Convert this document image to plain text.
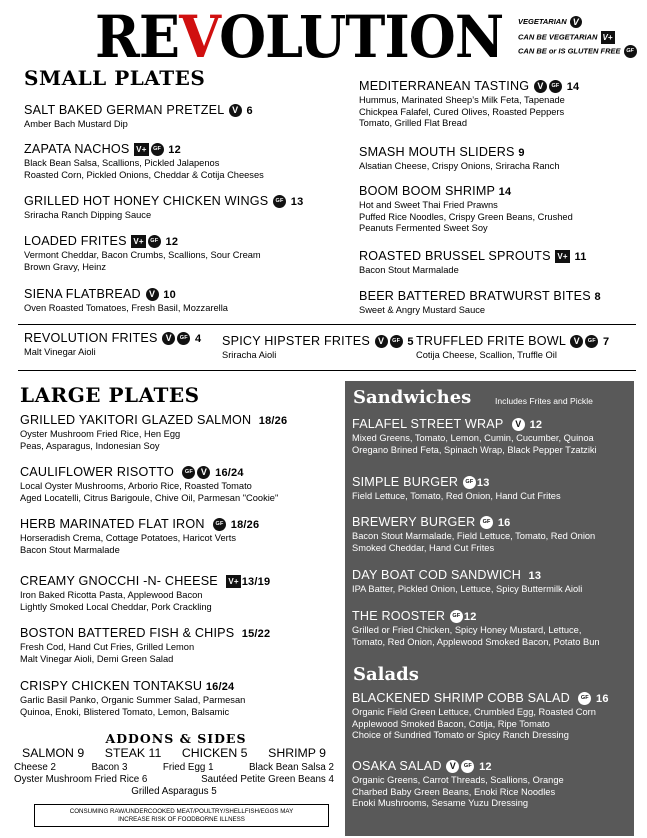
REVOLUTION VEGETARIAN V
CAN BE VEGETARIAN V+
CAN BE or IS GLUTEN FREE GF
SMALL PLATES
SALT BAKED GERMAN PRETZEL V 6
Amber Bach Mustard Dip
ZAPATA NACHOS V+ GF 12
Black Bean Salsa, Scallions, Pickled Jalapenos
Roasted Corn, Pickled Onions, Cheddar & Cotija Cheeses
GRILLED HOT HONEY CHICKEN WINGS GF 13
Sriracha Ranch Dipping Sauce
LOADED FRITES V+ GF 12
Vermont Cheddar, Bacon Crumbs, Scallions, Sour Cream
Brown Gravy, Heinz
SIENA FLATBREAD V 10
Oven Roasted Tomatoes, Fresh Basil, Mozzarella
MEDITERRANEAN TASTING V GF 14
Hummus, Marinated Sheep’s Milk Feta, Tapenade
Chickpea Falafel, Cured Olives, Roasted Peppers
Tomato, Grilled Flat Bread
SMASH MOUTH SLIDERS 9
Alsatian Cheese, Crispy Onions, Sriracha Ranch
BOOM BOOM SHRIMP 14
Hot and Sweet Thai Fried Prawns
Puffed Rice Noodles, Crispy Green Beans, Crushed
Peanuts Fermented Sweet Soy
ROASTED BRUSSEL SPROUTS V+ 11
Bacon Stout Marmalade
BEER BATTERED BRATWURST BITES 8
Sweet & Angry Mustard Sauce
REVOLUTION FRITES V GF 4
Malt Vinegar Aioli
SPICY HIPSTER FRITES V GF 5
Sriracha Aioli
TRUFFLED FRITE BOWL V GF 7
Cotija Cheese, Scallion, Truffle Oil
LARGE PLATES
GRILLED YAKITORI GLAZED SALMON 18/26
Oyster Mushroom Fried Rice, Hen Egg
Peas, Asparagus, Indonesian Soy
CAULIFLOWER RISOTTO GF V 16/24
Local Oyster Mushrooms, Arborio Rice, Roasted Tomato
Aged Locatelli, Citrus Barigoule, Chive Oil, Parmesan "Cookie"
HERB MARINATED FLAT IRON GF 18/26
Horseradish Crema, Cottage Potatoes, Haricot Verts
Bacon Stout Marmalade
CREAMY GNOCCHI -N- CHEESE V+ 13/19
Iron Baked Ricotta Pasta, Applewood Bacon
Lightly Smoked Local Cheddar, Pork Crackling
BOSTON BATTERED FISH & CHIPS 15/22
Fresh Cod, Hand Cut Fries, Grilled Lemon
Malt Vinegar Aioli, Demi Green Salad
CRISPY CHICKEN TONTAKSU 16/24
Garlic Basil Panko, Organic Summer Salad, Parmesan
Quinoa, Enoki, Blistered Tomato, Lemon, Balsamic
ADDONS & SIDES
SALMON 9 STEAK 11 CHICKEN 5 SHRIMP 9
Cheese 2	Bacon 3	Fried Egg 1	Black Bean Salsa 2
Oyster Mushroom Fried Rice 6	Sautéed Petite Green Beans 4
Grilled Asparagus 5
CONSUMING RAW/UNDERCOOKED MEAT/POULTRY/SHELLFISH/EGGS MAY
INCREASE RISK OF FOODBORNE ILLNESS
Sandwiches	Includes Frites and Pickle
FALAFEL STREET WRAP V 12
Mixed Greens, Tomato, Lemon, Cumin, Cucumber, Quinoa
Oregano Brined Feta, Spinach Wrap, Black Pepper Tzatziki
SIMPLE BURGER GF 13
Field Lettuce, Tomato, Red Onion, Hand Cut Frites
BREWERY BURGER GF 16
Bacon Stout Marmalade, Field Lettuce, Tomato, Red Onion
Smoked Cheddar, Hand Cut Frites
DAY BOAT COD SANDWICH 13
IPA Batter, Pickled Onion, Lettuce, Spicy Buttermilk Aioli
THE ROOSTER GF 12
Grilled or Fried Chicken, Spicy Honey Mustard, Lettuce,
Tomato, Red Onion, Applewood Smoked Bacon, Potato Bun
Salads
BLACKENED SHRIMP COBB SALAD GF 16
Organic Field Green Lettuce, Crumbled Egg, Roasted Corn
Applewood Smoked Bacon, Cotija, Ripe Tomato
Choice of Sundried Tomato or Spicy Ranch Dressing
OSAKA SALAD V GF 12
Organic Greens, Carrot Threads, Scallions, Orange
Charbed Baby Green Beans, Enoki Rice Noodles
Enoki Mushrooms, Sesame Yuzu Dressing
